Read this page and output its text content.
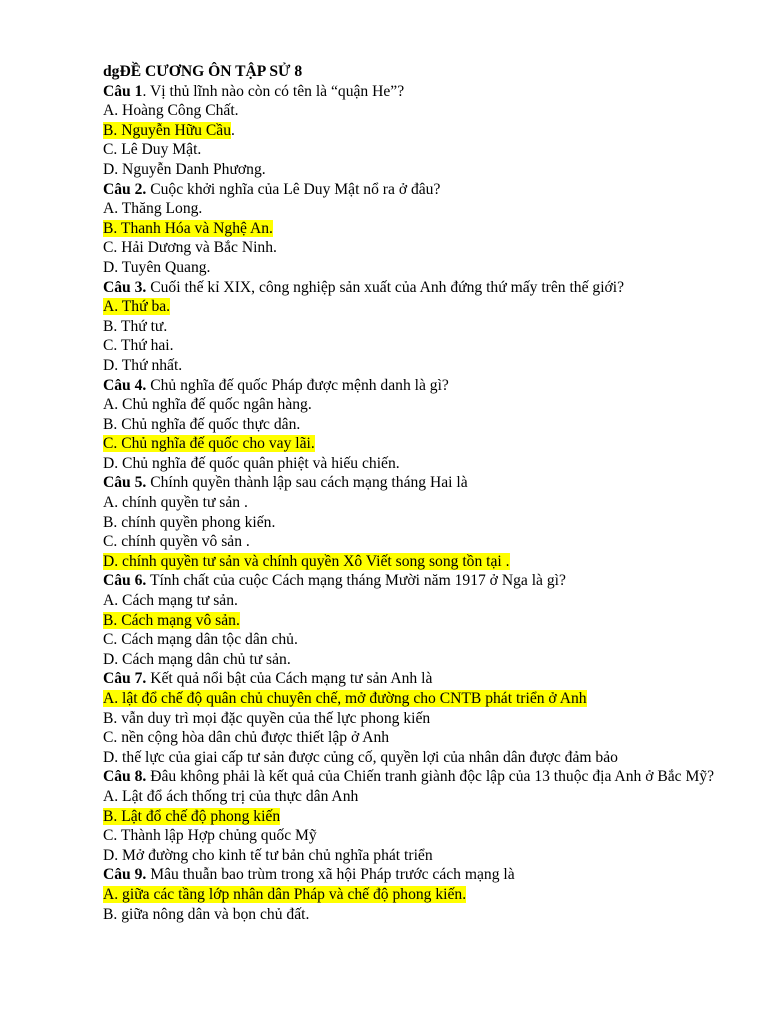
dgĐỀ CƯƠNG ÔN TẬP SỬ 8
Câu 1. Vị thủ lĩnh nào còn có tên là “quận He”?
A. Hoàng Công Chất.
B. Nguyễn Hữu Cầu.
C. Lê Duy Mật.
D. Nguyễn Danh Phương.
Câu 2. Cuộc khởi nghĩa của Lê Duy Mật nổ ra ở đâu?
A. Thăng Long.
B. Thanh Hóa và Nghệ An.
C. Hải Dương và Bắc Ninh.
D. Tuyên Quang.
Câu 3. Cuối thế kỉ XIX, công nghiệp sản xuất của Anh đứng thứ mấy trên thế giới?
A. Thứ ba.
B. Thứ tư.
C. Thứ hai.
D. Thứ nhất.
Câu 4. Chủ nghĩa đế quốc Pháp được mệnh danh là gì?
A. Chủ nghĩa đế quốc ngân hàng.
B. Chủ nghĩa đế quốc thực dân.
C. Chủ nghĩa đế quốc cho vay lãi.
D. Chủ nghĩa đế quốc quân phiệt và hiếu chiến.
Câu 5. Chính quyền thành lập sau cách mạng tháng Hai là
A. chính quyền tư sản .
B. chính quyền phong kiến.
C. chính quyền vô sản .
D. chính quyền tư sản và chính quyền Xô Viết song song tồn tại .
Câu 6. Tính chất của cuộc Cách mạng tháng Mười năm 1917 ở Nga là gì?
A. Cách mạng tư sản.
B. Cách mạng vô sản.
C. Cách mạng dân tộc dân chủ.
D. Cách mạng dân chủ tư sản.
Câu 7. Kết quả nổi bật của Cách mạng tư sản Anh là
A. lật đổ chế độ quân chủ chuyên chế, mở đường cho CNTB phát triển ở Anh
B. vẫn duy trì mọi đặc quyền của thế lực phong kiến
C. nền cộng hòa dân chủ được thiết lập ở Anh
D. thế lực của giai cấp tư sản được củng cố, quyền lợi của nhân dân được đảm bảo
Câu 8. Đâu không phải là kết quả của Chiến tranh giành độc lập của 13 thuộc địa Anh ở Bắc Mỹ?
A. Lật đổ ách thống trị của thực dân Anh
B. Lật đổ chế độ phong kiến
C. Thành lập Hợp chủng quốc Mỹ
D. Mở đường cho kinh tế tư bản chủ nghĩa phát triển
Câu 9. Mâu thuẫn bao trùm trong xã hội Pháp trước cách mạng là
A. giữa các tầng lớp nhân dân Pháp và chế độ phong kiến.
B. giữa nông dân và bọn chủ đất.
